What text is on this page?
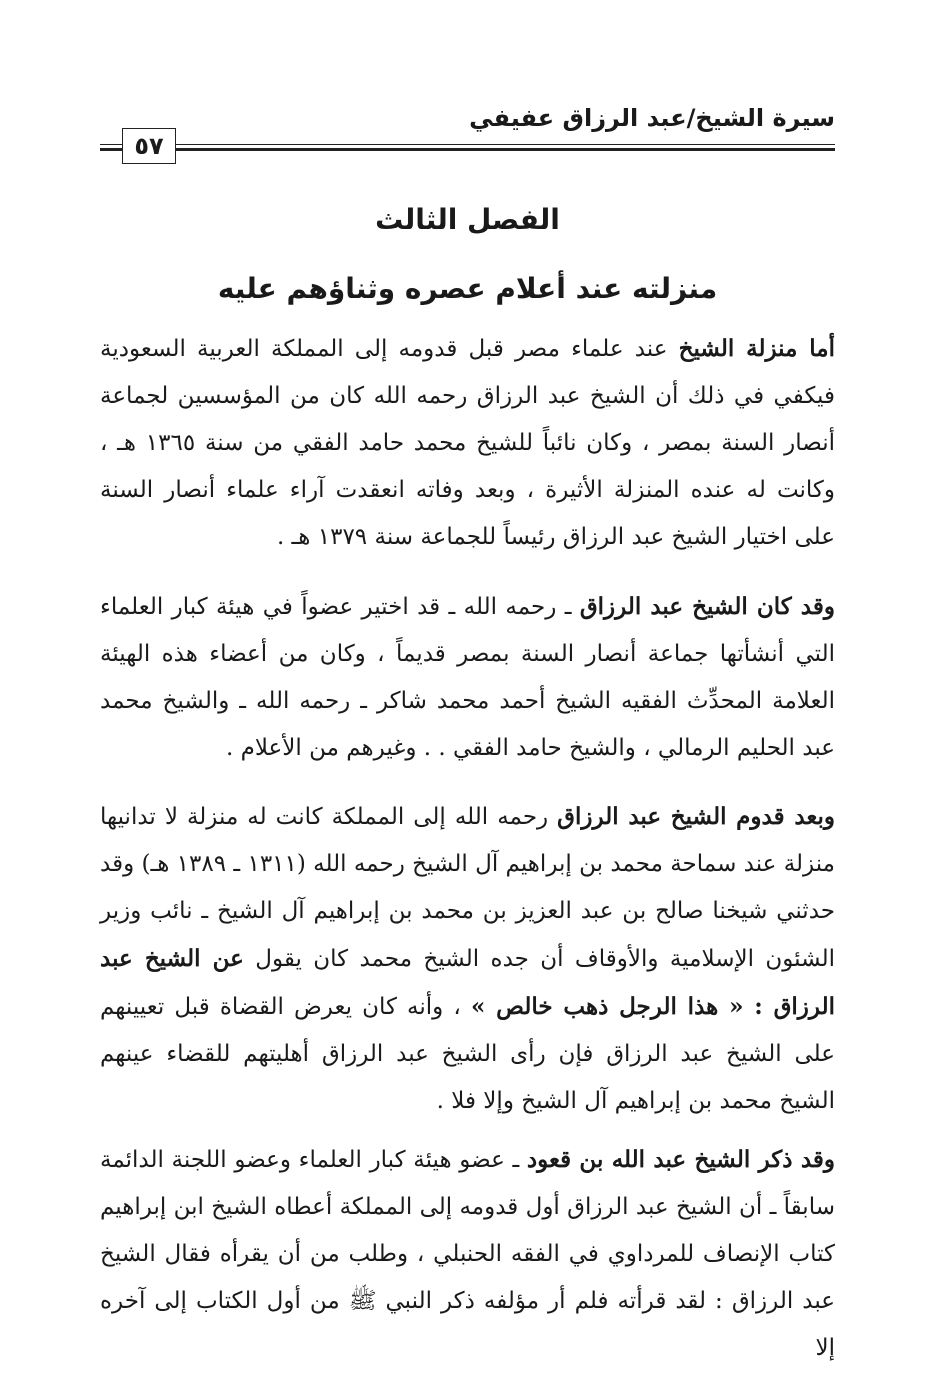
سيرة الشيخ/عبد الرزاق عفيفي
٥٧
الفصل الثالث
منزلته عند أعلام عصره وثناؤهم عليه
أما منزلة الشيخ عند علماء مصر قبل قدومه إلى المملكة العربية السعودية فيكفي في ذلك أن الشيخ عبد الرزاق رحمه الله كان من المؤسسين لجماعة أنصار السنة بمصر ، وكان نائباً للشيخ محمد حامد الفقي من سنة ١٣٦٥ هـ ، وكانت له عنده المنزلة الأثيرة ، وبعد وفاته انعقدت آراء علماء أنصار السنة على اختيار الشيخ عبد الرزاق رئيساً للجماعة سنة ١٣٧٩ هـ .
وقد كان الشيخ عبد الرزاق ـ رحمه الله ـ قد اختير عضواً في هيئة كبار العلماء التي أنشأتها جماعة أنصار السنة بمصر قديماً ، وكان من أعضاء هذه الهيئة العلامة المحدِّث الفقيه الشيخ أحمد محمد شاكر ـ رحمه الله ـ والشيخ محمد عبد الحليم الرمالي ، والشيخ حامد الفقي . . وغيرهم من الأعلام .
وبعد قدوم الشيخ عبد الرزاق رحمه الله إلى المملكة كانت له منزلة لا تدانيها منزلة عند سماحة محمد بن إبراهيم آل الشيخ رحمه الله (١٣١١ ـ ١٣٨٩ هـ) وقد حدثني شيخنا صالح بن عبد العزيز بن محمد بن إبراهيم آل الشيخ ـ نائب وزير الشئون الإسلامية والأوقاف أن جده الشيخ محمد كان يقول عن الشيخ عبد الرزاق : « هذا الرجل ذهب خالص » ، وأنه كان يعرض القضاة قبل تعيينهم على الشيخ عبد الرزاق فإن رأى الشيخ عبد الرزاق أهليتهم للقضاء عينهم الشيخ محمد بن إبراهيم آل الشيخ وإلا فلا .
وقد ذكر الشيخ عبد الله بن قعود ـ عضو هيئة كبار العلماء وعضو اللجنة الدائمة سابقاً ـ أن الشيخ عبد الرزاق أول قدومه إلى المملكة أعطاه الشيخ ابن إبراهيم كتاب الإنصاف للمرداوي في الفقه الحنبلي ، وطلب من أن يقرأه فقال الشيخ عبد الرزاق : لقد قرأته فلم أر مؤلفه ذكر النبي ﷺ من أول الكتاب إلى آخره إلا
